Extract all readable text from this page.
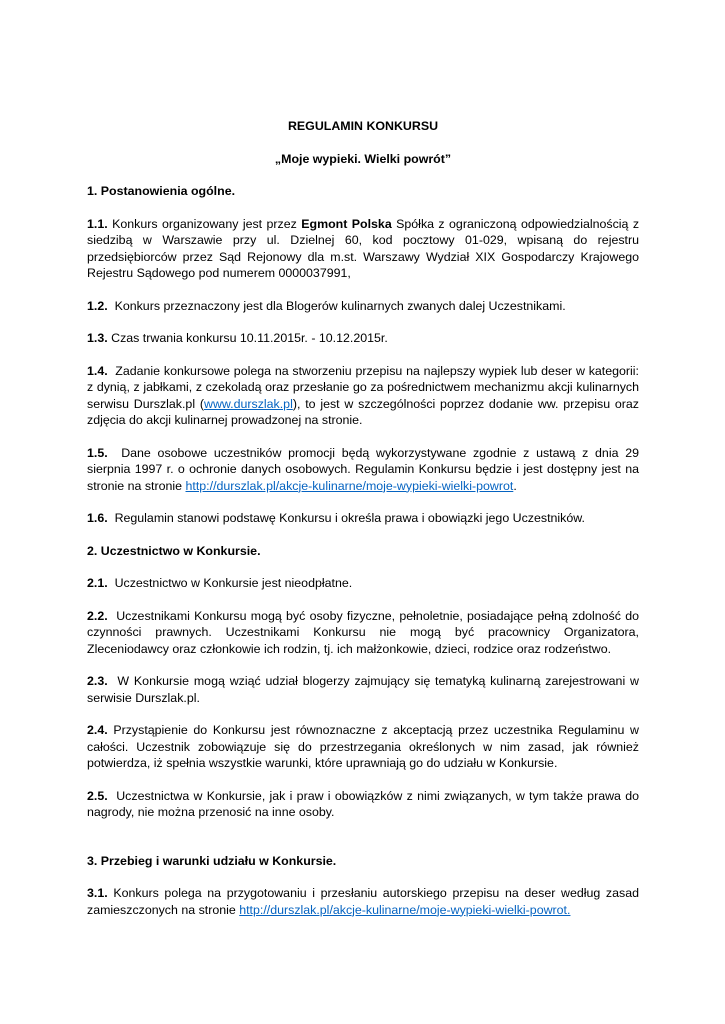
REGULAMIN KONKURSU

„Moje wypieki. Wielki powrót”

1. Postanowienia ogólne.

1.1. Konkurs organizowany jest przez Egmont Polska Spółka z ograniczoną odpowiedzialnością z siedzibą w Warszawie przy ul. Dzielnej 60, kod pocztowy 01-029, wpisaną do rejestru przedsiębiorców przez Sąd Rejonowy dla m.st. Warszawy Wydział XIX Gospodarczy Krajowego Rejestru Sądowego pod numerem 0000037991,

1.2. Konkurs przeznaczony jest dla Blogerów kulinarnych zwanych dalej Uczestnikami.

1.3. Czas trwania konkursu 10.11.2015r. - 10.12.2015r.

1.4. Zadanie konkursowe polega na stworzeniu przepisu na najlepszy wypiek lub deser w kategorii: z dynią, z jabłkami, z czekoladą oraz przesłanie go za pośrednictwem mechanizmu akcji kulinarnych serwisu Durszlak.pl (www.durszlak.pl), to jest w szczególności poprzez dodanie ww. przepisu oraz zdjęcia do akcji kulinarnej prowadzonej na stronie.

1.5. Dane osobowe uczestników promocji będą wykorzystywane zgodnie z ustawą z dnia 29 sierpnia 1997 r. o ochronie danych osobowych. Regulamin Konkursu będzie i jest dostępny jest na stronie na stronie http://durszlak.pl/akcje-kulinarne/moje-wypieki-wielki-powrot.

1.6. Regulamin stanowi podstawę Konkursu i określa prawa i obowiązki jego Uczestników.

2. Uczestnictwo w Konkursie.

2.1. Uczestnictwo w Konkursie jest nieodpłatne.

2.2. Uczestnikami Konkursu mogą być osoby fizyczne, pełnoletnie, posiadające pełną zdolność do czynności prawnych. Uczestnikami Konkursu nie mogą być pracownicy Organizatora, Zleceniodawcy oraz członkowie ich rodzin, tj. ich małżonkowie, dzieci, rodzice oraz rodzeństwo.

2.3. W Konkursie mogą wziąć udział blogerzy zajmujący się tematyką kulinarną zarejestrowani w serwisie Durszlak.pl.

2.4. Przystąpienie do Konkursu jest równoznaczne z akceptacją przez uczestnika Regulaminu w całości. Uczestnik zobowiązuje się do przestrzegania określonych w nim zasad, jak również potwierdza, iż spełnia wszystkie warunki, które uprawniają go do udziału w Konkursie.

2.5. Uczestnictwa w Konkursie, jak i praw i obowiązków z nimi związanych, w tym także prawa do nagrody, nie można przenosić na inne osoby.

3. Przebieg i warunki udziału w Konkursie.

3.1. Konkurs polega na przygotowaniu i przesłaniu autorskiego przepisu na deser według zasad zamieszczonych na stronie http://durszlak.pl/akcje-kulinarne/moje-wypieki-wielki-powrot.
